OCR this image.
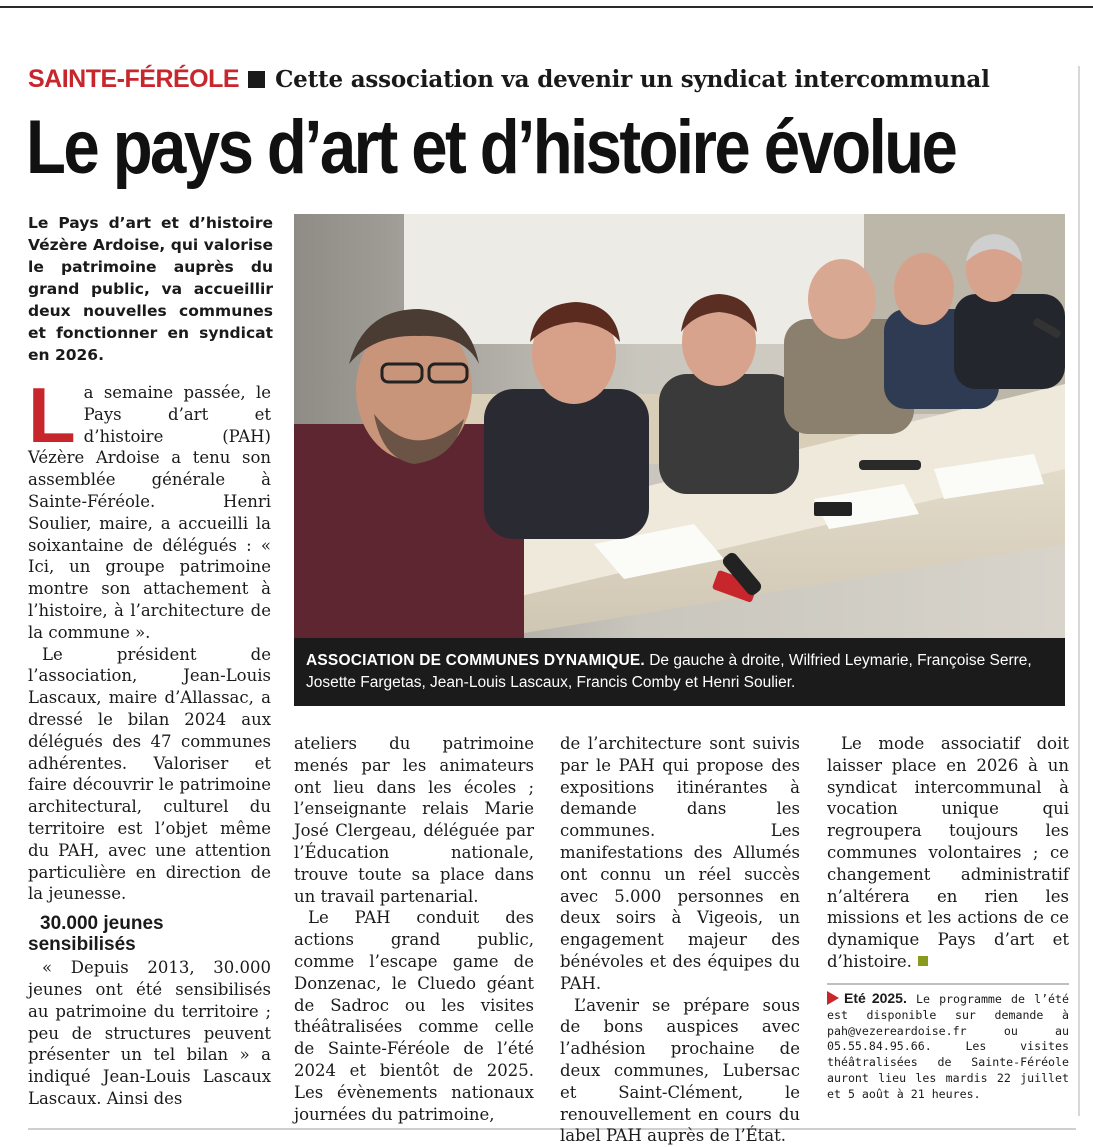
SAINTE-FÉRÉOLE Cette association va devenir un syndicat intercommunal
Le pays d’art et d’histoire évolue
Le Pays d’art et d’histoire Vézère Ardoise, qui valorise le patrimoine auprès du grand public, va accueillir deux nouvelles communes et fonctionner en syndicat en 2026.

La semaine passée, le Pays d’art et d’histoire (PAH) Vézère Ardoise a tenu son assemblée générale à Sainte-Féréole. Henri Soulier, maire, a accueilli la soixantaine de délégués : « Ici, un groupe patrimoine montre son attachement à l’histoire, à l’architecture de la commune ».

Le président de l’association, Jean-Louis Lascaux, maire d’Allassac, a dressé le bilan 2024 aux délégués des 47 communes adhérentes. Valoriser et faire découvrir le patrimoine architectural, culturel du territoire est l’objet même du PAH, avec une attention particulière en direction de la jeunesse.

30.000 jeunes sensibilisés

« Depuis 2013, 30.000 jeunes ont été sensibilisés au patrimoine du territoire ; peu de structures peuvent présenter un tel bilan » a indiqué Jean-Louis Lascaux Lascaux. Ainsi des

ateliers du patrimoine menés par les animateurs ont lieu dans les écoles ; l’enseignante relais Marie José Clergeau, déléguée par l’Éducation nationale, trouve toute sa place dans un travail partenarial.

Le PAH conduit des actions grand public, comme l’escape game de Donzenac, le Cluedo géant de Sadroc ou les visites théâtralisées comme celle de Sainte-Féréole de l’été 2024 et bientôt de 2025. Les évènements nationaux journées du patrimoine,

de l’architecture sont suivis par le PAH qui propose des expositions itinérantes à demande dans les communes. Les manifestations des Allumés ont connu un réel succès avec 5.000 personnes en deux soirs à Vigeois, un engagement majeur des bénévoles et des équipes du PAH.

L’avenir se prépare sous de bons auspices avec l’adhésion prochaine de deux communes, Lubersac et Saint-Clément, le renouvellement en cours du label PAH auprès de l’État.

Le mode associatif doit laisser place en 2026 à un syndicat intercommunal à vocation unique qui regroupera toujours les communes volontaires ; ce changement administratif n’altérera en rien les missions et les actions de ce dynamique Pays d’art et d’histoire.

ASSOCIATION DE COMMUNES DYNAMIQUE. De gauche à droite, Wilfried Leymarie, Françoise Serre, Josette Fargetas, Jean-Louis Lascaux, Francis Comby et Henri Soulier.
Eté 2025. Le programme de l’été est disponible sur demande à pah@vezereardoise.fr ou au 05.55.84.95.66. Les visites théâtralisées de Sainte-Féréole auront lieu les mardis 22 juillet et 5 août à 21 heures.
